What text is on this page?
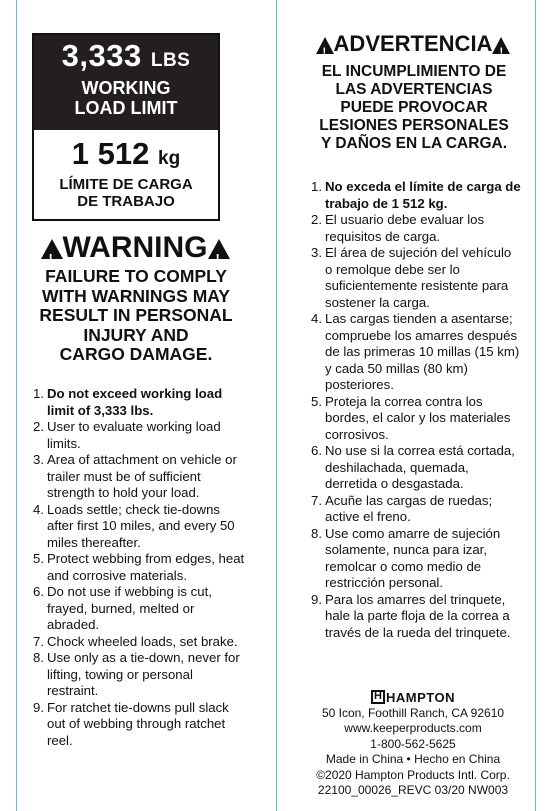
3,333 LBS
WORKING
LOAD LIMIT
1 512 kg
LÍMITE DE CARGA
DE TRABAJO
!WARNING!
FAILURE TO COMPLY
WITH WARNINGS MAY
RESULT IN PERSONAL
INJURY AND
CARGO DAMAGE.
1. Do not exceed working load limit of 3,333 lbs.
2. User to evaluate working load limits.
3. Area of attachment on vehicle or trailer must be of sufficient strength to hold your load.
4. Loads settle; check tie-downs after first 10 miles, and every 50 miles thereafter.
5. Protect webbing from edges, heat and corrosive materials.
6. Do not use if webbing is cut, frayed, burned, melted or abraded.
7. Chock wheeled loads, set brake.
8. Use only as a tie-down, never for lifting, towing or personal restraint.
9. For ratchet tie-downs pull slack out of webbing through ratchet reel.
!ADVERTENCIA!
EL INCUMPLIMIENTO DE
LAS ADVERTENCIAS
PUEDE PROVOCAR
LESIONES PERSONALES
Y DAÑOS EN LA CARGA.
1. No exceda el límite de carga de trabajo de 1 512 kg.
2. El usuario debe evaluar los requisitos de carga.
3. El área de sujeción del vehículo o remolque debe ser lo suficientemente resistente para sostener la carga.
4. Las cargas tienden a asentarse; compruebe los amarres después de las primeras 10 millas (15 km) y cada 50 millas (80 km) posteriores.
5. Proteja la correa contra los bordes, el calor y los materiales corrosivos.
6. No use si la correa está cortada, deshilachada, quemada, derretida o desgastada.
7. Acuñe las cargas de ruedas; active el freno.
8. Use como amarre de sujeción solamente, nunca para izar, remolcar o como medio de restricción personal.
9. Para los amarres del trinquete, hale la parte floja de la correa a través de la rueda del trinquete.
HHAMPTON
50 Icon, Foothill Ranch, CA 92610
www.keeperproducts.com
1-800-562-5625
Made in China • Hecho en China
©2020 Hampton Products Intl. Corp.
22100_00026_REVC 03/20 NW003
